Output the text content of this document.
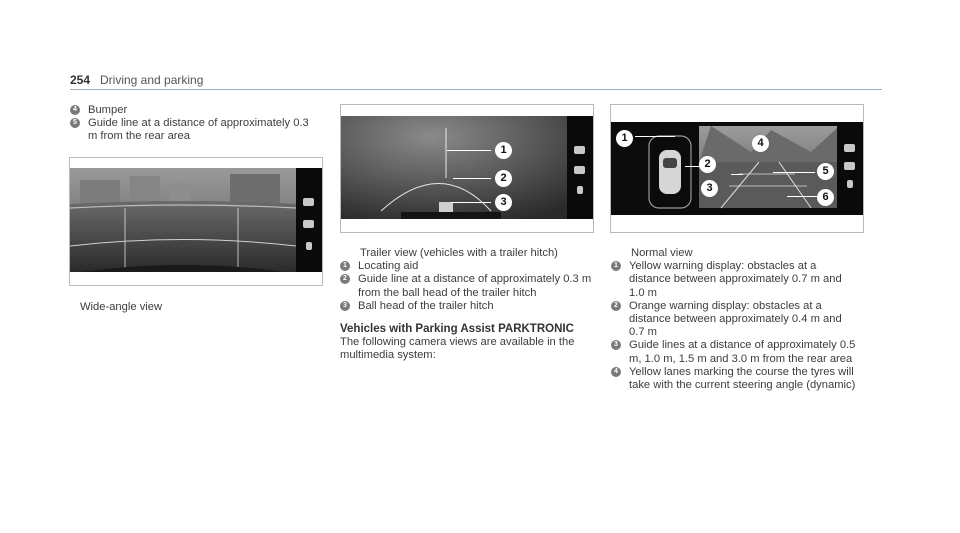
254 Driving and parking
4 Bumper
5 Guide line at a distance of approximately 0.3 m from the rear area
Wide-angle view
1
2
3
Trailer view (vehicles with a trailer hitch)
1 Locating aid
2 Guide line at a distance of approximately 0.3 m from the ball head of the trailer hitch
3 Ball head of the trailer hitch
Vehicles with Parking Assist PARKTRONIC
The following camera views are available in the multimedia system:
1
2
3
4
5
6
Normal view
1 Yellow warning display: obstacles at a distance between approximately 0.7 m and 1.0 m
2 Orange warning display: obstacles at a distance between approximately 0.4 m and 0.7 m
3 Guide lines at a distance of approximately 0.5 m, 1.0 m, 1.5 m and 3.0 m from the rear area
4 Yellow lanes marking the course the tyres will take with the current steering angle (dynamic)
